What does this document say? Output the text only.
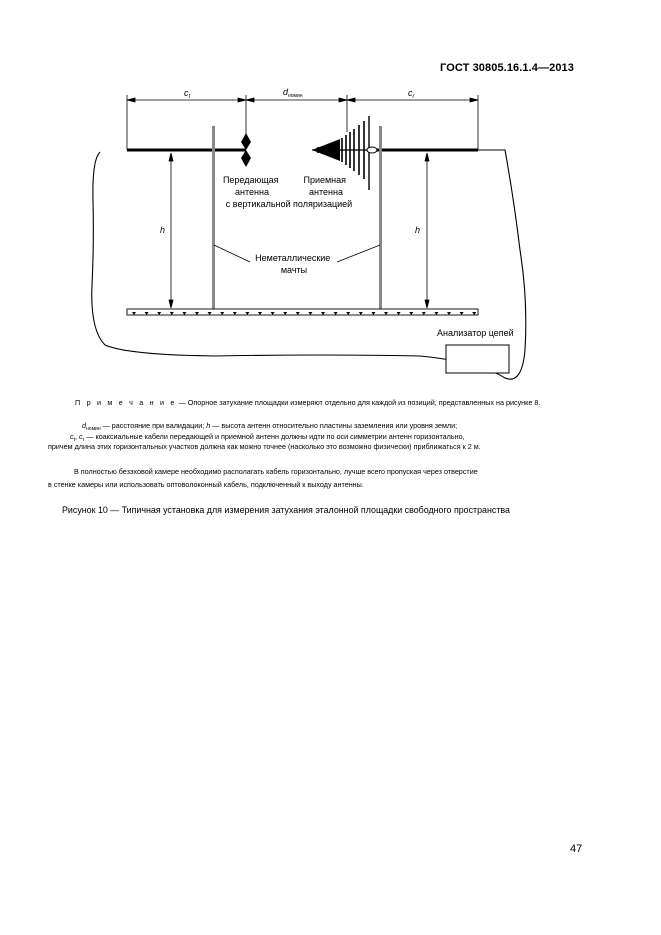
ГОСТ 30805.16.1.4—2013
$c_t$	$d_{номин}$	$c_r$
Передающая антенна
Приемная антенна
с вертикальной поляризацией
h	h
Неметаллические мачты
Анализатор цепей
П р и м е ч а н и е — Опорное затухание площадки измеряют отдельно для каждой из позиций, представленных на рисунке 8.
$d_{номин}$ — расстояние при валидации; h — высота антенн относительно пластины заземления или уровня земли;
$c_t$, $c_r$ — коаксиальные кабели передающей и приемной антенн должны идти по оси симметрии антенн горизонтально,
причем длина этих горизонтальных участков должна как можно точнее (насколько это возможно физически) приближаться к 2 м.
В полностью безэховой камере необходимо располагать кабель горизонтально, лучше всего пропуская через отверстие
в стенке камеры или использовать оптоволоконный кабель, подключенный к выходу антенны.
Рисунок 10 — Типичная установка для измерения затухания эталонной площадки свободного пространства
47
